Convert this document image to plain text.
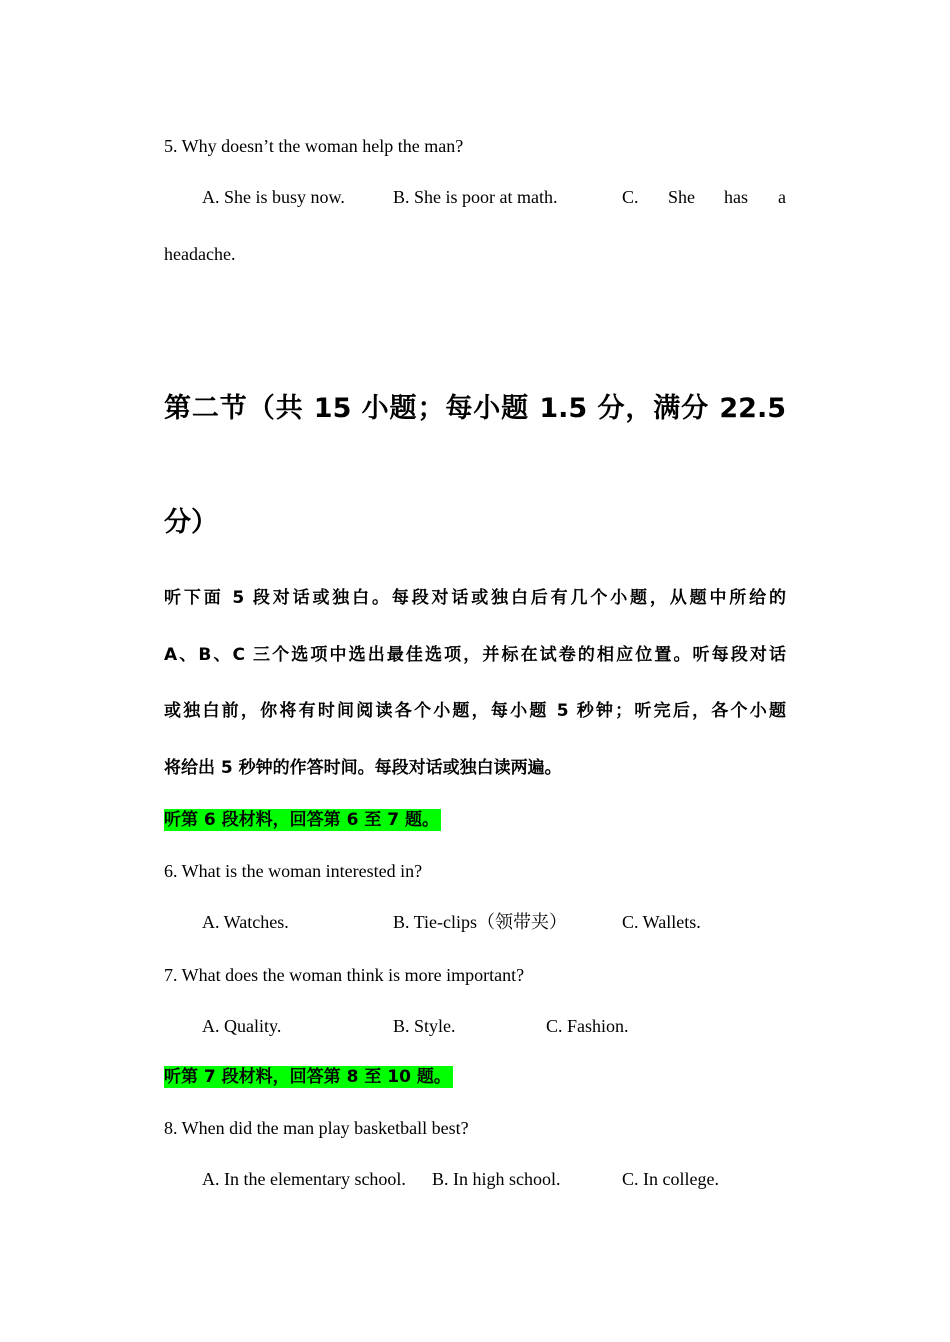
5. Why doesn’t the woman help the man?
A. She is busy now.	B. She is poor at math.	C. She has a
headache.
第二节（共 15 小题；每小题 1.5 分，满分 22.5
分）
听下面 5 段对话或独白。每段对话或独白后有几个小题，从题中所给的
A、B、C 三个选项中选出最佳选项，并标在试卷的相应位置。听每段对话
或独白前，你将有时间阅读各个小题，每小题 5 秒钟；听完后，各个小题
将给出 5 秒钟的作答时间。每段对话或独白读两遍。
听第 6 段材料，回答第 6 至 7 题。
6. What is the woman interested in?
A. Watches.	B. Tie-clips（领带夹）	C. Wallets.
7. What does the woman think is more important?
A. Quality.	B. Style.	C. Fashion.
听第 7 段材料，回答第 8 至 10 题。
8. When did the man play basketball best?
A. In the elementary school. B. In high school.	C. In college.
